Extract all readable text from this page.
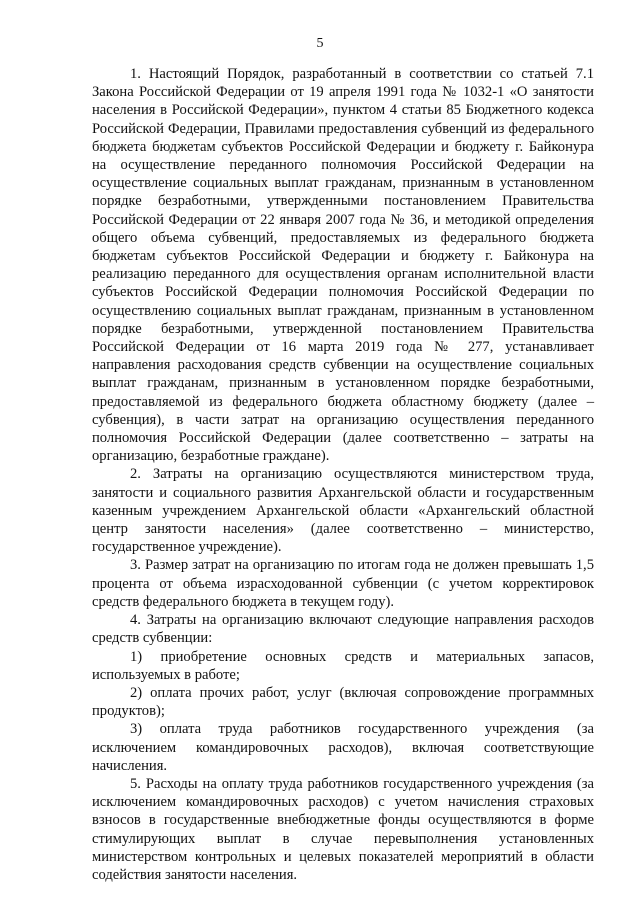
5

1. Настоящий Порядок, разработанный в соответствии со статьей 7.1 Закона Российской Федерации от 19 апреля 1991 года № 1032-1 «О занятости населения в Российской Федерации», пунктом 4 статьи 85 Бюджетного кодекса Российской Федерации, Правилами предоставления субвенций из федерального бюджета бюджетам субъектов Российской Федерации и бюджету г. Байконура на осуществление переданного полномочия Российской Федерации на осуществление социальных выплат гражданам, признанным в установленном порядке безработными, утвержденными постановлением Правительства Российской Федерации от 22 января 2007 года № 36, и методикой определения общего объема субвенций, предоставляемых из федерального бюджета бюджетам субъектов Российской Федерации и бюджету г. Байконура на реализацию переданного для осуществления органам исполнительной власти субъектов Российской Федерации полномочия Российской Федерации по осуществлению социальных выплат гражданам, признанным в установленном порядке безработными, утвержденной постановлением Правительства Российской Федерации от 16 марта 2019 года № 277, устанавливает направления расходования средств субвенции на осуществление социальных выплат гражданам, признанным в установленном порядке безработными, предоставляемой из федерального бюджета областному бюджету (далее – субвенция), в части затрат на организацию осуществления переданного полномочия Российской Федерации (далее соответственно – затраты на организацию, безработные граждане).

2. Затраты на организацию осуществляются министерством труда, занятости и социального развития Архангельской области и государственным казенным учреждением Архангельской области «Архангельский областной центр занятости населения» (далее соответственно – министерство, государственное учреждение).

3. Размер затрат на организацию по итогам года не должен превышать 1,5 процента от объема израсходованной субвенции (с учетом корректировок средств федерального бюджета в текущем году).

4. Затраты на организацию включают следующие направления расходов средств субвенции:

1) приобретение основных средств и материальных запасов, используемых в работе;

2) оплата прочих работ, услуг (включая сопровождение программных продуктов);

3) оплата труда работников государственного учреждения (за исключением командировочных расходов), включая соответствующие начисления.

5. Расходы на оплату труда работников государственного учреждения (за исключением командировочных расходов) с учетом начисления страховых взносов в государственные внебюджетные фонды осуществляются в форме стимулирующих выплат в случае перевыполнения установленных министерством контрольных и целевых показателей мероприятий в области содействия занятости населения.
